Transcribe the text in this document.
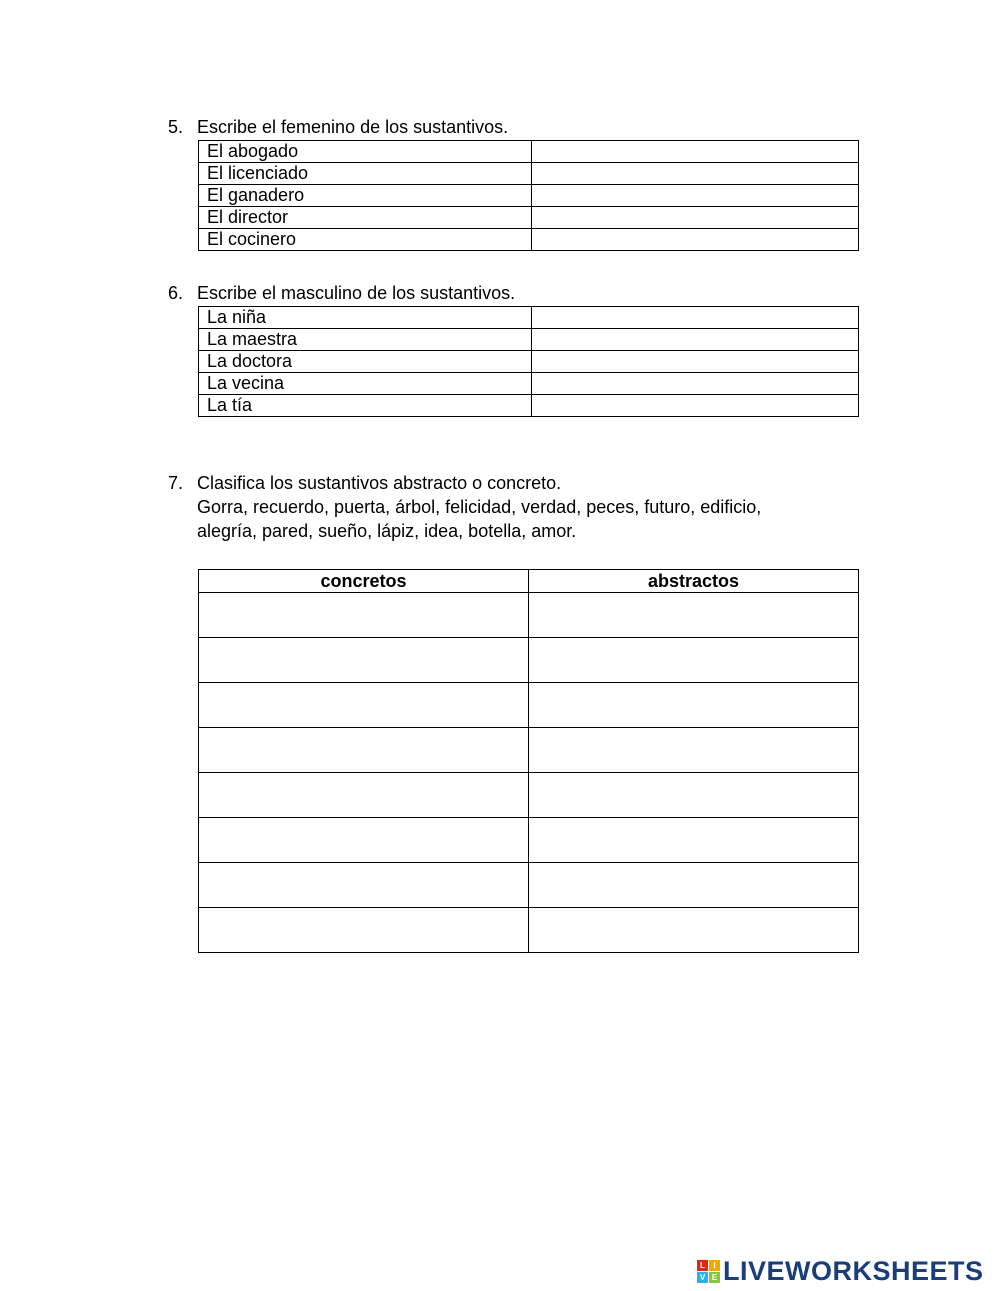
5. Escribe el femenino de los sustantivos.
El abogado	
El licenciado	
El ganadero	
El director	
El cocinero	
6. Escribe el masculino de los sustantivos.
La niña	
La maestra	
La doctora	
La vecina	
La tía	
7. Clasifica los sustantivos abstracto o concreto.
Gorra, recuerdo, puerta, árbol, felicidad, verdad, peces, futuro, edificio,
alegría, pared, sueño, lápiz, idea, botella, amor.
concretos	abstractos

L	I
V E LIVEWORKSHEETS
